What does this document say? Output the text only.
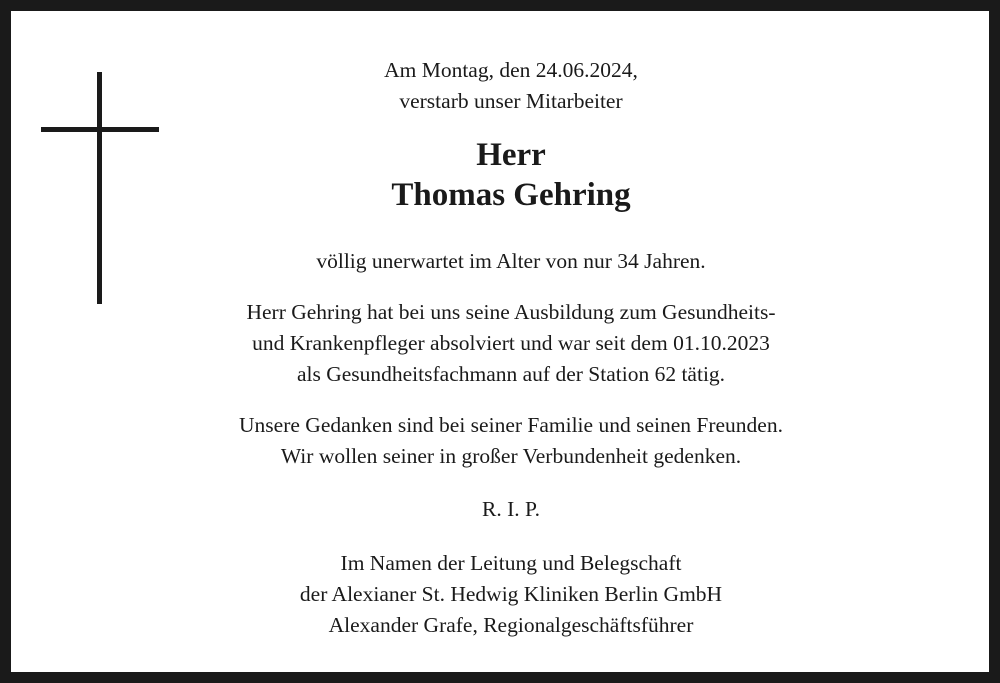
Am Montag, den 24.06.2024,
verstarb unser Mitarbeiter
Herr
Thomas Gehring
völlig unerwartet im Alter von nur 34 Jahren.
Herr Gehring hat bei uns seine Ausbildung zum Gesundheits-
und Krankenpfleger absolviert und war seit dem 01.10.2023
als Gesundheitsfachmann auf der Station 62 tätig.
Unsere Gedanken sind bei seiner Familie und seinen Freunden.
Wir wollen seiner in großer Verbundenheit gedenken.
R. I. P.
Im Namen der Leitung und Belegschaft
der Alexianer St. Hedwig Kliniken Berlin GmbH
Alexander Grafe, Regionalgeschäftsführer
